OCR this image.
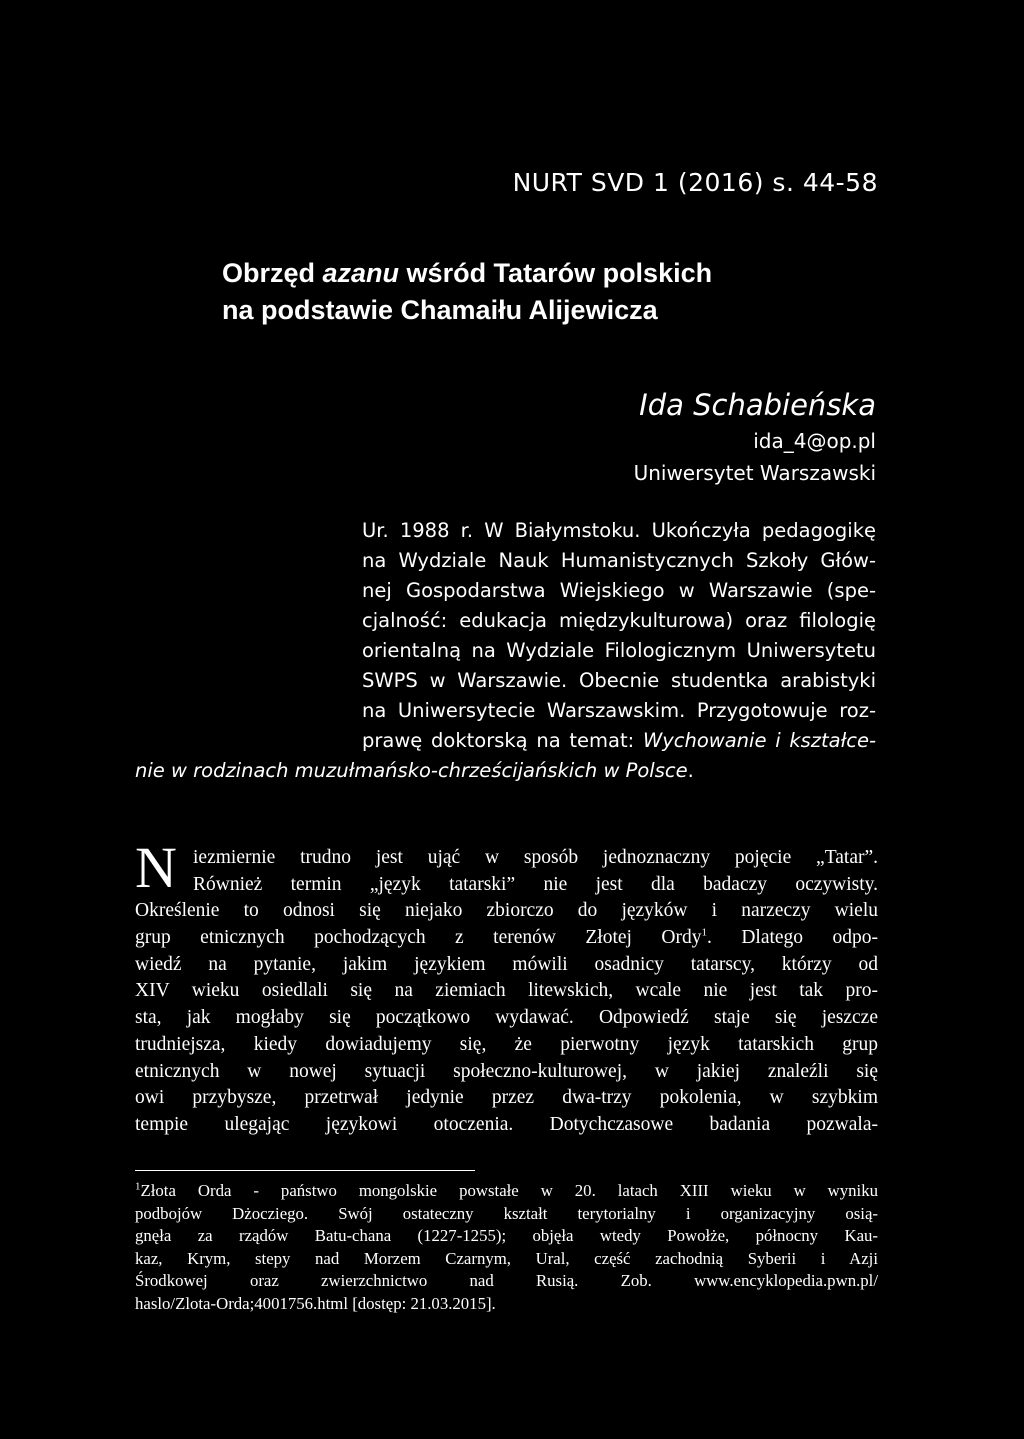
NURT SVD 1 (2016) s. 44-58
Obrzęd azanu wśród Tatarów polskich
na podstawie Chamaiłu Alijewicza
Ida Schabieńska
ida_4@op.pl
Uniwersytet Warszawski
Ur. 1988 r. W Białymstoku. Ukończyła pedagogikę
na Wydziale Nauk Humanistycznych Szkoły Głów-
nej Gospodarstwa Wiejskiego w Warszawie (spe-
cjalność: edukacja międzykulturowa) oraz filologię
orientalną na Wydziale Filologicznym Uniwersytetu
SWPS w Warszawie. Obecnie studentka arabistyki
na Uniwersytecie Warszawskim. Przygotowuje roz-
prawę doktorską na temat: Wychowanie i kształce-
nie w rodzinach muzułmańsko-chrześcijańskich w Polsce.
N iezmiernie trudno jest ująć w sposób jednoznaczny pojęcie „Tatar”.
Również termin „język tatarski” nie jest dla badaczy oczywisty.
Określenie to odnosi się niejako zbiorczo do języków i narzeczy wielu
grup etnicznych pochodzących z terenów Złotej Ordy$^1$. Dlatego odpo-
wiedź na pytanie, jakim językiem mówili osadnicy tatarscy, którzy od
XIV wieku osiedlali się na ziemiach litewskich, wcale nie jest tak pro-
sta, jak mogłaby się początkowo wydawać. Odpowiedź staje się jeszcze
trudniejsza, kiedy dowiadujemy się, że pierwotny język tatarskich grup
etnicznych w nowej sytuacji społeczno-kulturowej, w jakiej znaleźli się
owi przybysze, przetrwał jedynie przez dwa-trzy pokolenia, w szybkim
tempie ulegając językowi otoczenia. Dotychczasowe badania pozwala-
$^1$Złota Orda - państwo mongolskie powstałe w 20. latach XIII wieku w wyniku
podbojów Dżocziego. Swój ostateczny kształt terytorialny i organizacyjny osią-
gnęła za rządów Batu-chana (1227-1255); objęła wtedy Powołże, północny Kau-
kaz, Krym, stepy nad Morzem Czarnym, Ural, część zachodnią Syberii i Azji
Środkowej oraz zwierzchnictwo nad Rusią. Zob. www.encyklopedia.pwn.pl/
haslo/Zlota-Orda;4001756.html [dostęp: 21.03.2015].
